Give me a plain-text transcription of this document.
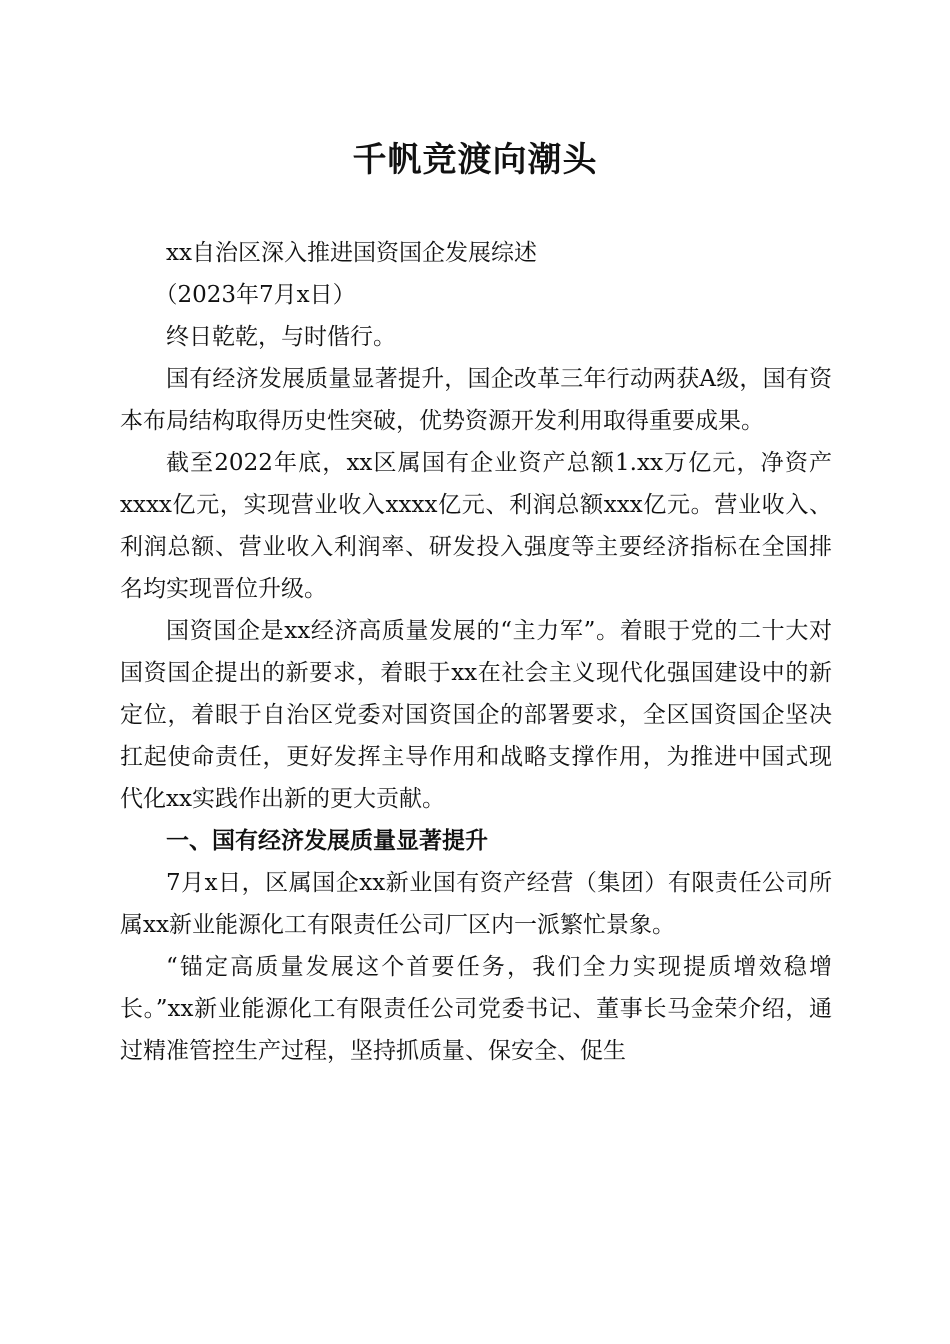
千帆竞渡向潮头

xx自治区深入推进国资国企发展综述

（2023年7月x日）

终日乾乾，与时偕行。

国有经济发展质量显著提升，国企改革三年行动两获A级，国有资本布局结构取得历史性突破，优势资源开发利用取得重要成果。

截至2022年底，xx区属国有企业资产总额1.xx万亿元，净资产xxxx亿元，实现营业收入xxxx亿元、利润总额xxx亿元。营业收入、利润总额、营业收入利润率、研发投入强度等主要经济指标在全国排名均实现晋位升级。

国资国企是xx经济高质量发展的“主力军”。着眼于党的二十大对国资国企提出的新要求，着眼于xx在社会主义现代化强国建设中的新定位，着眼于自治区党委对国资国企的部署要求，全区国资国企坚决扛起使命责任，更好发挥主导作用和战略支撑作用，为推进中国式现代化xx实践作出新的更大贡献。

一、国有经济发展质量显著提升

7月x日，区属国企xx新业国有资产经营（集团）有限责任公司所属xx新业能源化工有限责任公司厂区内一派繁忙景象。

“锚定高质量发展这个首要任务，我们全力实现提质增效稳增长。”xx新业能源化工有限责任公司党委书记、董事长马金荣介绍，通过精准管控生产过程，坚持抓质量、保安全、促生
